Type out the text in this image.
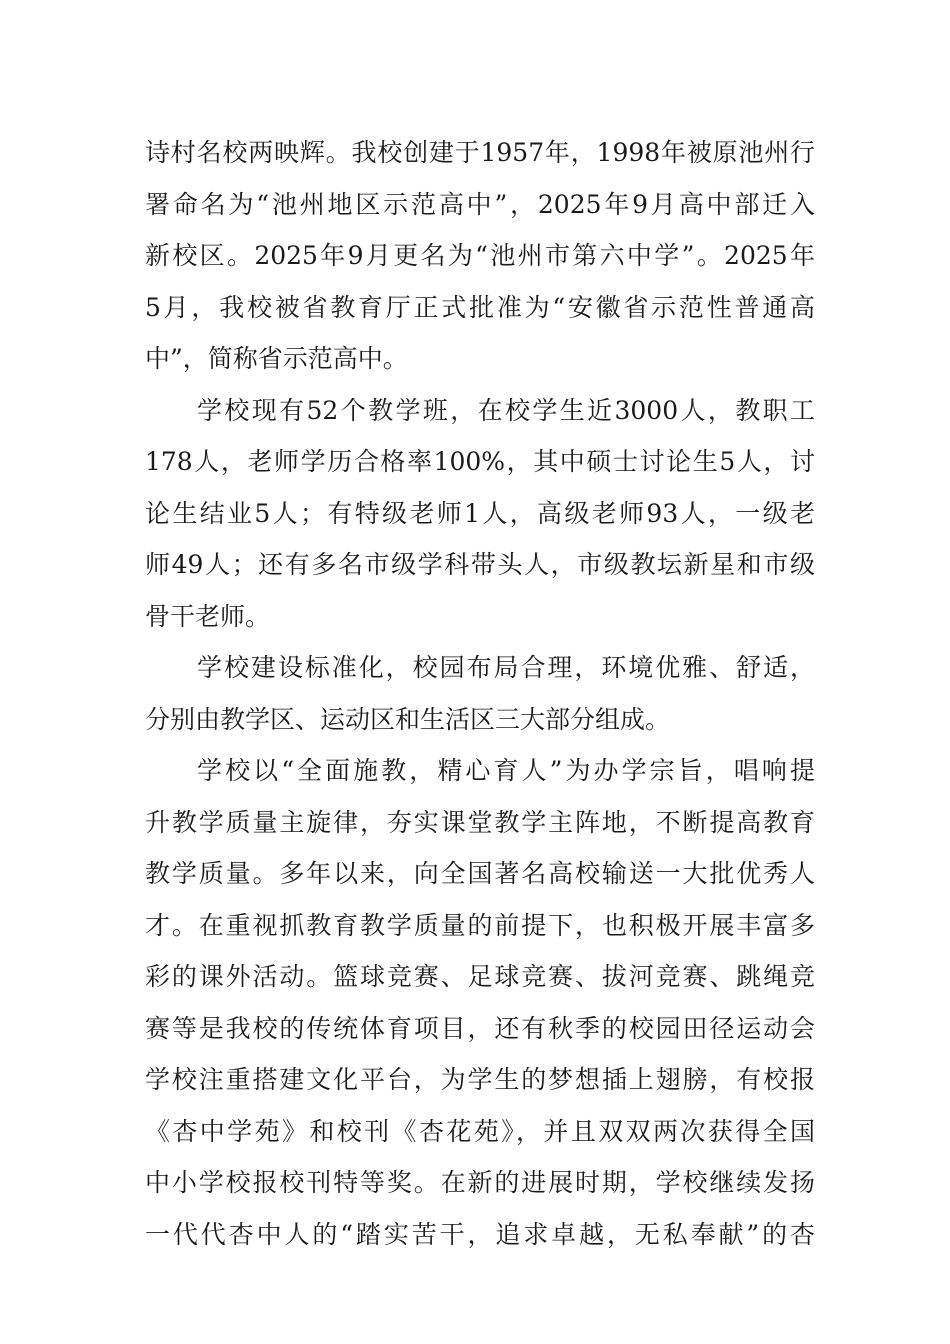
诗村名校两映辉。我校创建于1957年，1998年被原池州行
署命名为“池州地区示范高中”，2025年9月高中部迁入
新校区。2025年9月更名为“池州市第六中学”。2025年
5月，我校被省教育厅正式批准为“安徽省示范性普通高
中”，简称省示范高中。
学校现有52个教学班，在校学生近3000人，教职工
178人，老师学历合格率100%，其中硕士讨论生5人，讨
论生结业5人；有特级老师1人，高级老师93人，一级老
师49人；还有多名市级学科带头人，市级教坛新星和市级
骨干老师。
学校建设标准化，校园布局合理，环境优雅、舒适，
分别由教学区、运动区和生活区三大部分组成。
学校以“全面施教，精心育人”为办学宗旨，唱响提
升教学质量主旋律，夯实课堂教学主阵地，不断提高教育
教学质量。多年以来，向全国著名高校输送一大批优秀人
才。在重视抓教育教学质量的前提下，也积极开展丰富多
彩的课外活动。篮球竞赛、足球竞赛、拔河竞赛、跳绳竞
赛等是我校的传统体育项目，还有秋季的校园田径运动会
学校注重搭建文化平台，为学生的梦想插上翅膀，有校报
《杏中学苑》和校刊《杏花苑》，并且双双两次获得全国
中小学校报校刊特等奖。在新的进展时期，学校继续发扬
一代代杏中人的“踏实苦干，追求卓越，无私奉献”的杏
